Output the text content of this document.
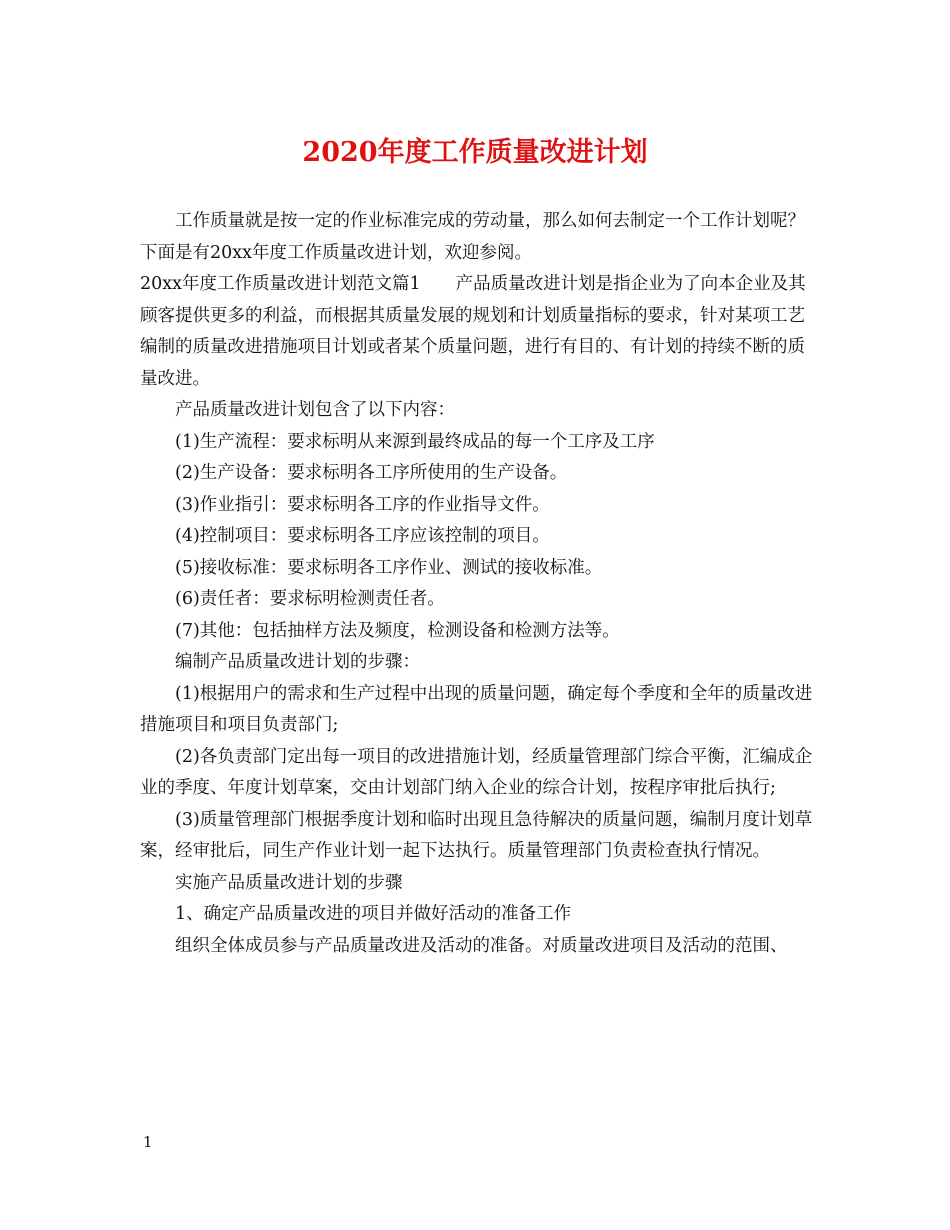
2020年度工作质量改进计划

工作质量就是按一定的作业标准完成的劳动量，那么如何去制定一个工作计划呢？下面是有20xx年度工作质量改进计划，欢迎参阅。

20xx年度工作质量改进计划范文篇1　　产品质量改进计划是指企业为了向本企业及其顾客提供更多的利益，而根据其质量发展的规划和计划质量指标的要求，针对某项工艺编制的质量改进措施项目计划或者某个质量问题，进行有目的、有计划的持续不断的质量改进。

产品质量改进计划包含了以下内容：

(1)生产流程：要求标明从来源到最终成品的每一个工序及工序

(2)生产设备：要求标明各工序所使用的生产设备。

(3)作业指引：要求标明各工序的作业指导文件。

(4)控制项目：要求标明各工序应该控制的项目。

(5)接收标准：要求标明各工序作业、测试的接收标准。

(6)责任者：要求标明检测责任者。

(7)其他：包括抽样方法及频度，检测设备和检测方法等。

编制产品质量改进计划的步骤：

(1)根据用户的需求和生产过程中出现的质量问题，确定每个季度和全年的质量改进措施项目和项目负责部门;

(2)各负责部门定出每一项目的改进措施计划，经质量管理部门综合平衡，汇编成企业的季度、年度计划草案，交由计划部门纳入企业的综合计划，按程序审批后执行;

(3)质量管理部门根据季度计划和临时出现且急待解决的质量问题，编制月度计划草案，经审批后，同生产作业计划一起下达执行。质量管理部门负责检查执行情况。

实施产品质量改进计划的步骤

1、确定产品质量改进的项目并做好活动的准备工作

组织全体成员参与产品质量改进及活动的准备。对质量改进项目及活动的范围、

1
